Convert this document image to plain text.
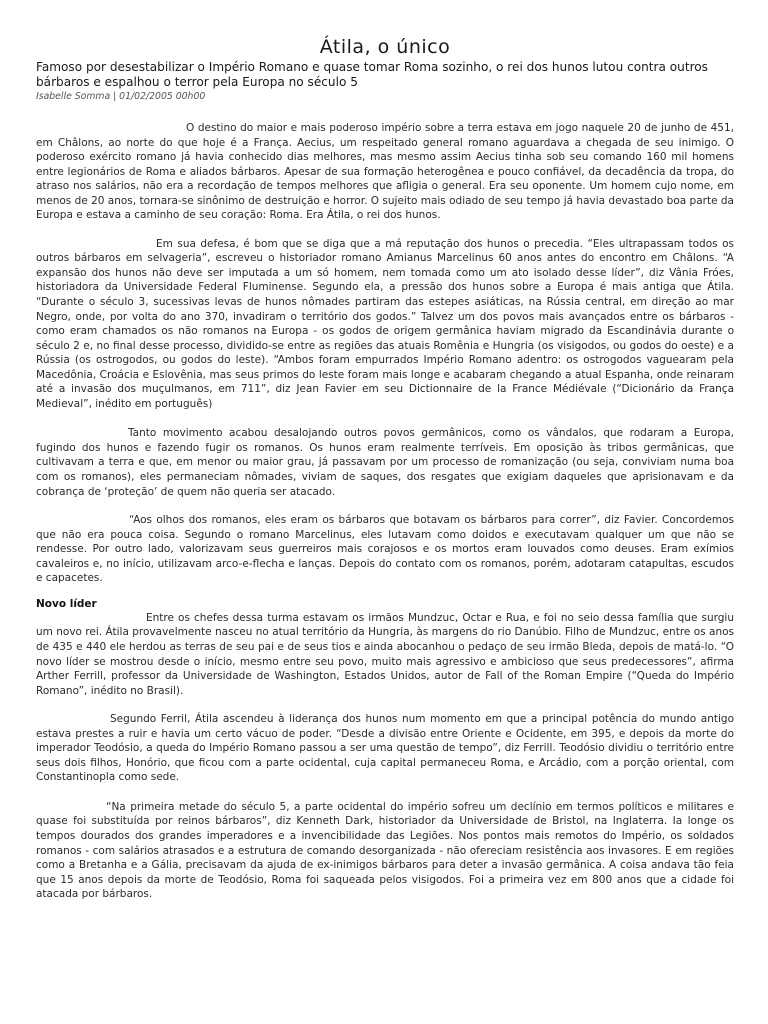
Átila, o único

Famoso por desestabilizar o Império Romano e quase tomar Roma sozinho, o rei dos hunos lutou contra outros bárbaros e espalhou o terror pela Europa no século 5

Isabelle Somma | 01/02/2005 00h00

O destino do maior e mais poderoso império sobre a terra estava em jogo naquele 20 de junho de 451, em Châlons, ao norte do que hoje é a França. Aecius, um respeitado general romano aguardava a chegada de seu inimigo. O poderoso exército romano já havia conhecido dias melhores, mas mesmo assim Aecius tinha sob seu comando 160 mil homens entre legionários de Roma e aliados bárbaros. Apesar de sua formação heterogênea e pouco confiável, da decadência da tropa, do atraso nos salários, não era a recordação de tempos melhores que afligia o general. Era seu oponente. Um homem cujo nome, em menos de 20 anos, tornara-se sinônimo de destruição e horror. O sujeito mais odiado de seu tempo já havia devastado boa parte da Europa e estava a caminho de seu coração: Roma. Era Átila, o rei dos hunos.

Em sua defesa, é bom que se diga que a má reputação dos hunos o precedia. “Eles ultrapassam todos os outros bárbaros em selvageria”, escreveu o historiador romano Amianus Marcelinus 60 anos antes do encontro em Châlons. “A expansão dos hunos não deve ser imputada a um só homem, nem tomada como um ato isolado desse líder”, diz Vânia Fróes, historiadora da Universidade Federal Fluminense. Segundo ela, a pressão dos hunos sobre a Europa é mais antiga que Átila. “Durante o século 3, sucessivas levas de hunos nômades partiram das estepes asiáticas, na Rússia central, em direção ao mar Negro, onde, por volta do ano 370, invadiram o território dos godos.” Talvez um dos povos mais avançados entre os bárbaros - como eram chamados os não romanos na Europa - os godos de origem germânica haviam migrado da Escandinávia durante o século 2 e, no final desse processo, dividido-se entre as regiões das atuais Romênia e Hungria (os visigodos, ou godos do oeste) e a Rússia (os ostrogodos, ou godos do leste). “Ambos foram empurrados Império Romano adentro: os ostrogodos vaguearam pela Macedônia, Croácia e Eslovênia, mas seus primos do leste foram mais longe e acabaram chegando a atual Espanha, onde reinaram até a invasão dos muçulmanos, em 711”, diz Jean Favier em seu Dictionnaire de la France Médiévale (“Dicionário da França Medieval”, inédito em português)

Tanto movimento acabou desalojando outros povos germânicos, como os vândalos, que rodaram a Europa, fugindo dos hunos e fazendo fugir os romanos. Os hunos eram realmente terríveis. Em oposição às tribos germânicas, que cultivavam a terra e que, em menor ou maior grau, já passavam por um processo de romanização (ou seja, conviviam numa boa com os romanos), eles permaneciam nômades, viviam de saques, dos resgates que exigiam daqueles que aprisionavam e da cobrança de ‘proteção’ de quem não queria ser atacado.

“Aos olhos dos romanos, eles eram os bárbaros que botavam os bárbaros para correr”, diz Favier. Concordemos que não era pouca coisa. Segundo o romano Marcelinus, eles lutavam como doidos e executavam qualquer um que não se rendesse. Por outro lado, valorizavam seus guerreiros mais corajosos e os mortos eram louvados como deuses. Eram exímios cavaleiros e, no início, utilizavam arco-e-flecha e lanças. Depois do contato com os romanos, porém, adotaram catapultas, escudos e capacetes.

Novo líder

Entre os chefes dessa turma estavam os irmãos Mundzuc, Octar e Rua, e foi no seio dessa família que surgiu um novo rei. Átila provavelmente nasceu no atual território da Hungria, às margens do rio Danúbio. Filho de Mundzuc, entre os anos de 435 e 440 ele herdou as terras de seu pai e de seus tios e ainda abocanhou o pedaço de seu irmão Bleda, depois de matá-lo. “O novo líder se mostrou desde o início, mesmo entre seu povo, muito mais agressivo e ambicioso que seus predecessores”, afirma Arther Ferrill, professor da Universidade de Washington, Estados Unidos, autor de Fall of the Roman Empire (“Queda do Império Romano”, inédito no Brasil).

Segundo Ferril, Átila ascendeu à liderança dos hunos num momento em que a principal potência do mundo antigo estava prestes a ruir e havia um certo vácuo de poder. “Desde a divisão entre Oriente e Ocidente, em 395, e depois da morte do imperador Teodósio, a queda do Império Romano passou a ser uma questão de tempo”, diz Ferrill. Teodósio dividiu o território entre seus dois filhos, Honório, que ficou com a parte ocidental, cuja capital permaneceu Roma, e Arcádio, com a porção oriental, com Constantinopla como sede.

“Na primeira metade do século 5, a parte ocidental do império sofreu um declínio em termos políticos e militares e quase foi substituída por reinos bárbaros”, diz Kenneth Dark, historiador da Universidade de Bristol, na Inglaterra. Ia longe os tempos dourados dos grandes imperadores e a invencibilidade das Legiões. Nos pontos mais remotos do Império, os soldados romanos - com salários atrasados e a estrutura de comando desorganizada - não ofereciam resistência aos invasores. E em regiões como a Bretanha e a Gália, precisavam da ajuda de ex-inimigos bárbaros para deter a invasão germânica. A coisa andava tão feia que 15 anos depois da morte de Teodósio, Roma foi saqueada pelos visigodos. Foi a primeira vez em 800 anos que a cidade foi atacada por bárbaros.
